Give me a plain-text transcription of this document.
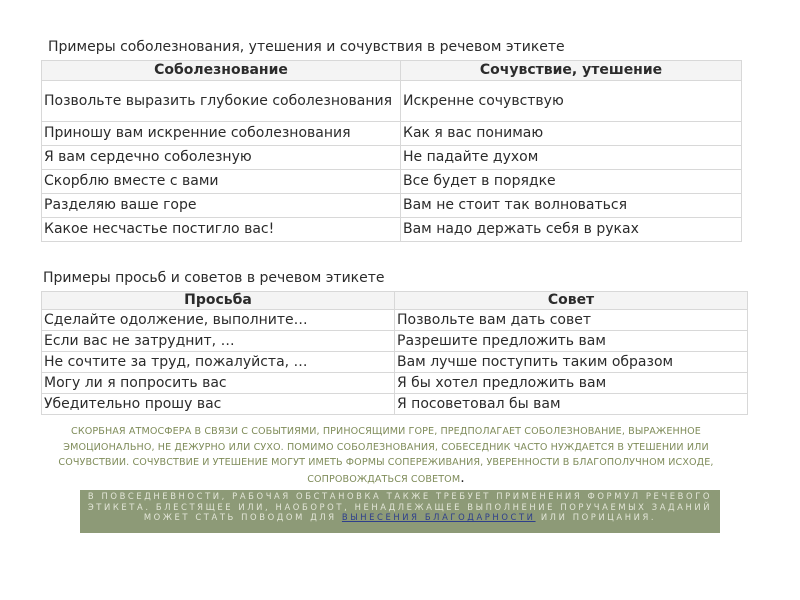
Примеры соболезнования, утешения и сочувствия в речевом этикете
Соболезнование	Сочувствие, утешение
Позвольте выразить глубокие соболезнования	Искренне сочувствую
Приношу вам искренние соболезнования	Как я вас понимаю
Я вам сердечно соболезную	Не падайте духом
Скорблю вместе с вами	Все будет в порядке
Разделяю ваше горе	Вам не стоит так волноваться
Какое несчастье постигло вас!	Вам надо держать себя в руках
Примеры просьб и советов в речевом этикете
Просьба	Совет
Сделайте одолжение, выполните…	Позвольте вам дать совет
Если вас не затруднит, …	Разрешите предложить вам
Не сочтите за труд, пожалуйста, …	Вам лучше поступить таким образом
Могу ли я попросить вас	Я бы хотел предложить вам
Убедительно прошу вас	Я посоветовал бы вам
СКОРБНАЯ АТМОСФЕРА В СВЯЗИ С СОБЫТИЯМИ, ПРИНОСЯЩИМИ ГОРЕ, ПРЕДПОЛАГАЕТ СОБОЛЕЗНОВАНИЕ, ВЫРАЖЕННОЕ ЭМОЦИОНАЛЬНО, НЕ ДЕЖУРНО ИЛИ СУХО. ПОМИМО СОБОЛЕЗНОВАНИЯ, СОБЕСЕДНИК ЧАСТО НУЖДАЕТСЯ В УТЕШЕНИИ ИЛИ СОЧУВСТВИИ. СОЧУВСТВИЕ И УТЕШЕНИЕ МОГУТ ИМЕТЬ ФОРМЫ СОПЕРЕЖИВАНИЯ, УВЕРЕННОСТИ В БЛАГОПОЛУЧНОМ ИСХОДЕ, СОПРОВОЖДАТЬСЯ СОВЕТОМ.

В ПОВСЕДНЕВНОСТИ, РАБОЧАЯ ОБСТАНОВКА ТАКЖЕ ТРЕБУЕТ ПРИМЕНЕНИЯ ФОРМУЛ РЕЧЕВОГО ЭТИКЕТА. БЛЕСТЯЩЕЕ ИЛИ, НАОБОРОТ, НЕНАДЛЕЖАЩЕЕ ВЫПОЛНЕНИЕ ПОРУЧАЕМЫХ ЗАДАНИЙ МОЖЕТ СТАТЬ ПОВОДОМ ДЛЯ ВЫНЕСЕНИЯ БЛАГОДАРНОСТИ ИЛИ ПОРИЦАНИЯ.
